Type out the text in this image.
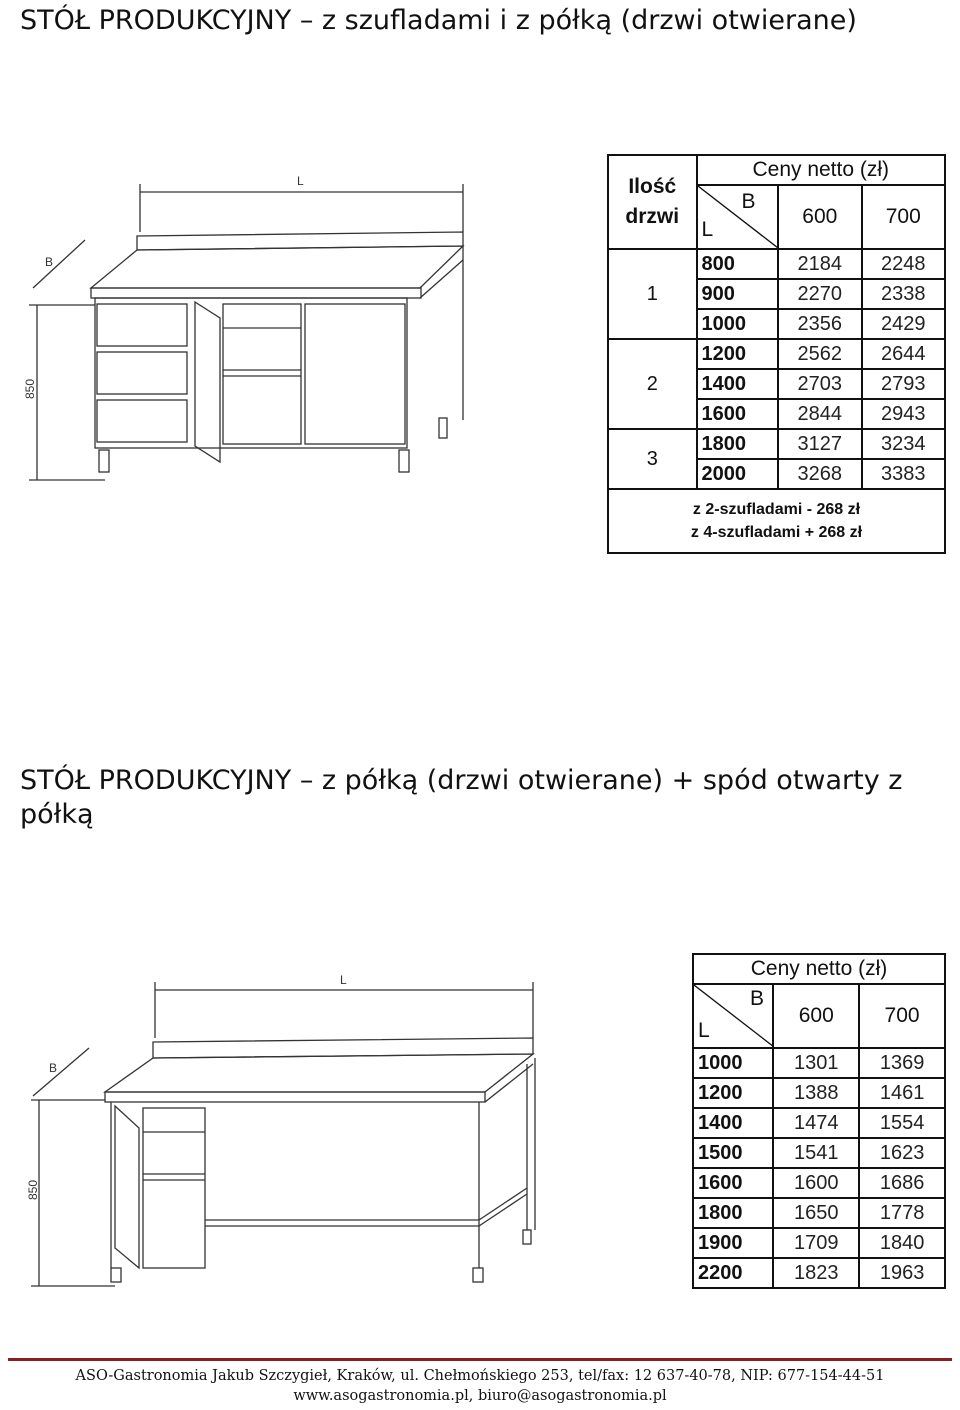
STÓŁ PRODUKCYJNY – z szufladami i z półką (drzwi otwierane)
L
B
850
Ilość
drzwi	Ceny netto (zł)		

	B
L	600	700
1	800	2184	2248
	900	2270	2338
	1000	2356	2429
2	1200	2562	2644
	1400	2703	2793
	1600	2844	2943
3	1800	3127	3234
	2000	3268	3383
z 2-szufladami - 268 zł
z 4-szufladami + 268 zł			
STÓŁ PRODUKCYJNY – z półką (drzwi otwierane) + spód otwarty z półką
L
B
850
Ceny netto (zł)		

B
L	600	700
1000	1301	1369
1200	1388	1461
1400	1474	1554
1500	1541	1623
1600	1600	1686
1800	1650	1778
1900	1709	1840
2200	1823	1963
ASO-Gastronomia Jakub Szczygieł, Kraków, ul. Chełmońskiego 253, tel/fax: 12 637-40-78, NIP: 677-154-44-51
www.asogastronomia.pl, biuro@asogastronomia.pl
